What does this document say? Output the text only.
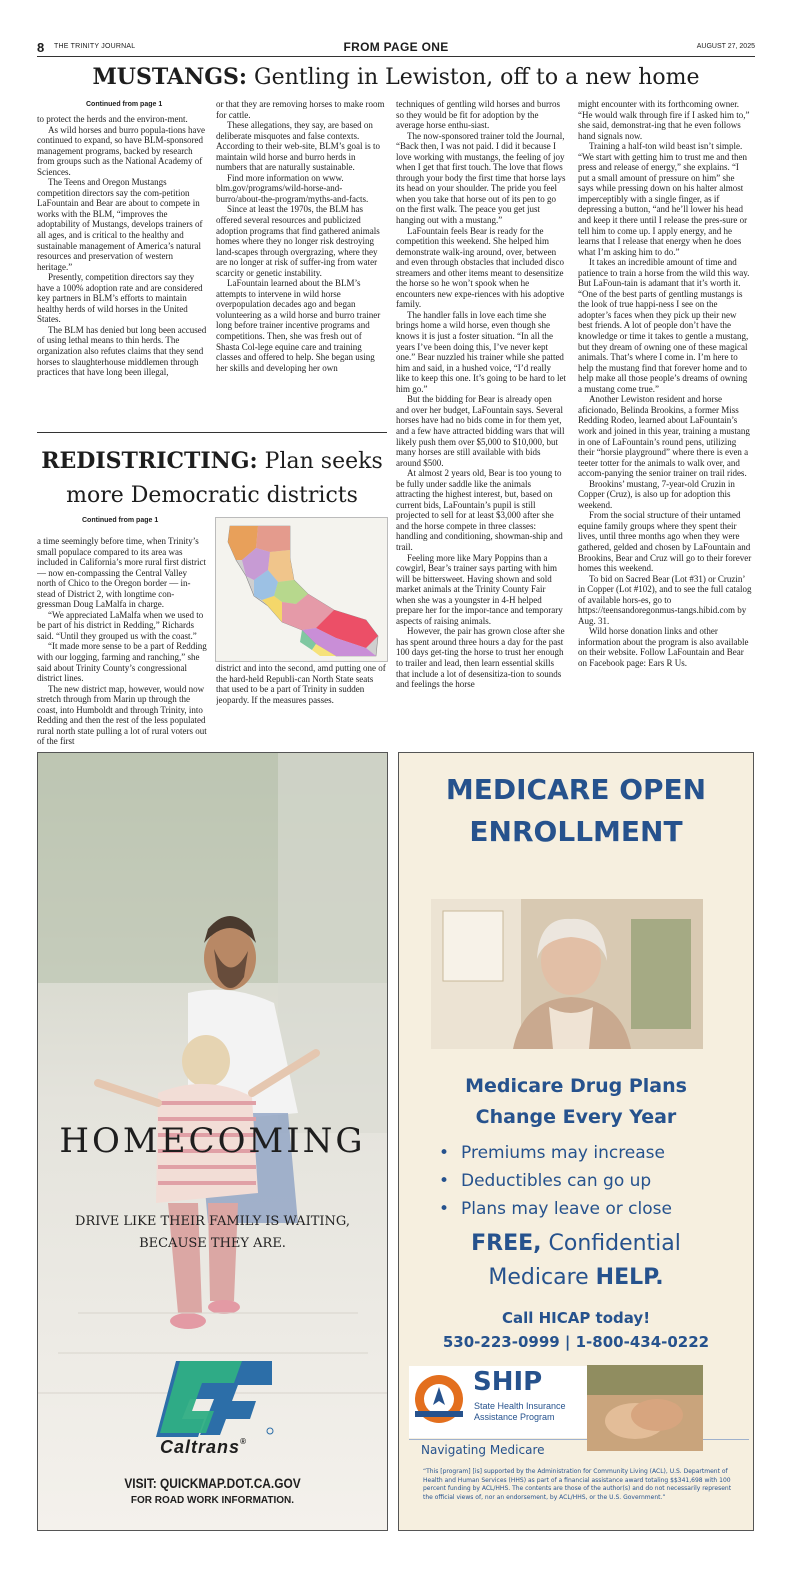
8 THE TRINITY JOURNAL	FROM PAGE ONE	AUGUST 27, 2025
MUSTANGS: Gentling in Lewiston, off to a new home
Continued from page 1

to protect the herds and the environ-ment.

As wild horses and burro popula-tions have continued to expand, so have BLM-sponsored management programs, backed by research from groups such as the National Academy of Sciences.

The Teens and Oregon Mustangs competition directors say the com-petition LaFountain and Bear are about to compete in works with the BLM, “improves the adoptability of Mustangs, develops trainers of all ages, and is critical to the healthy and sustainable management of America’s natural resources and preservation of western heritage.”

Presently, competition directors say they have a 100% adoption rate and are considered key partners in BLM’s efforts to maintain healthy herds of wild horses in the United States.

The BLM has denied but long been accused of using lethal means to thin herds. The organization also refutes claims that they send horses to slaughterhouse middlemen through practices that have long been illegal,

or that they are removing horses to make room for cattle.

These allegations, they say, are based on deliberate misquotes and false contexts. According to their web-site, BLM’s goal is to maintain wild horse and burro herds in numbers that are naturally sustainable.

Find more information on www. blm.gov/programs/wild-horse-and-burro/about-the-program/myths-and-facts.

Since at least the 1970s, the BLM has offered several resources and publicized adoption programs that find gathered animals homes where they no longer risk destroying land-scapes through overgrazing, where they are no longer at risk of suffer-ing from water scarcity or genetic instability.

LaFountain learned about the BLM’s attempts to intervene in wild horse overpopulation decades ago and began volunteering as a wild horse and burro trainer long before trainer incentive programs and competitions. Then, she was fresh out of Shasta Col-lege equine care and training classes and offered to help. She began using her skills and developing her own

techniques of gentling wild horses and burros so they would be fit for adoption by the average horse enthu-siast.

The now-sponsored trainer told the Journal, “Back then, I was not paid. I did it because I love working with mustangs, the feeling of joy when I get that first touch. The love that flows through your body the first time that horse lays its head on your shoulder. The pride you feel when you take that horse out of its pen to go on the first walk. The peace you get just hanging out with a mustang.”

LaFountain feels Bear is ready for the competition this weekend. She helped him demonstrate walk-ing around, over, between and even through obstacles that included disco streamers and other items meant to desensitize the horse so he won’t spook when he encounters new expe-riences with his adoptive family.

The handler falls in love each time she brings home a wild horse, even though she knows it is just a foster situation. “In all the years I’ve been doing this, I’ve never kept one.” Bear nuzzled his trainer while she patted him and said, in a hushed voice, “I’d really like to keep this one. It’s going to be hard to let him go.”

But the bidding for Bear is already open and over her budget, LaFountain says. Several horses have had no bids come in for them yet, and a few have attracted bidding wars that will likely push them over $5,000 to $10,000, but many horses are still available with bids around $500.

At almost 2 years old, Bear is too young to be fully under saddle like the animals attracting the highest interest, but, based on current bids, LaFountain’s pupil is still projected to sell for at least $3,000 after she and the horse compete in three classes: handling and conditioning, showman-ship and trail.

Feeling more like Mary Poppins than a cowgirl, Bear’s trainer says parting with him will be bittersweet. Having shown and sold market animals at the Trinity County Fair when she was a youngster in 4-H helped prepare her for the impor-tance and temporary aspects of raising animals.

However, the pair has grown close after she has spent around three hours a day for the past 100 days get-ting the horse to trust her enough to trailer and lead, then learn essential skills that include a lot of desensitiza-tion to sounds and feelings the horse

might encounter with its forthcoming owner. “He would walk through fire if I asked him to,” she said, demonstrat-ing that he even follows hand signals now.

Training a half-ton wild beast isn’t simple. “We start with getting him to trust me and then press and release of energy,” she explains. “I put a small amount of pressure on him” she says while pressing down on his halter almost imperceptibly with a single finger, as if depressing a button, “and he’ll lower his head and keep it there until I release the pres-sure or tell him to come up. I apply energy, and he learns that I release that energy when he does what I’m asking him to do.”

It takes an incredible amount of time and patience to train a horse from the wild this way. But LaFoun-tain is adamant that it’s worth it. “One of the best parts of gentling mustangs is the look of true happi-ness I see on the adopter’s faces when they pick up their new best friends. A lot of people don’t have the knowledge or time it takes to gentle a mustang, but they dream of owning one of these magical animals. That’s where I come in. I’m here to help the mustang find that forever home and to help make all those people’s dreams of owning a mustang come true.”

Another Lewiston resident and horse aficionado, Belinda Brookins, a former Miss Redding Rodeo, learned about LaFountain’s work and joined in this year, training a mustang in one of LaFountain’s round pens, utilizing their “horsie playground” where there is even a teeter totter for the animals to walk over, and accom-panying the senior trainer on trail rides.

Brookins’ mustang, 7-year-old Cruzin in Copper (Cruz), is also up for adoption this weekend.

From the social structure of their untamed equine family groups where they spent their lives, until three months ago when they were gathered, gelded and chosen by LaFountain and Brookins, Bear and Cruz will go to their forever homes this weekend.

To bid on Sacred Bear (Lot #31) or Cruzin’ in Copper (Lot #102), and to see the full catalog of available hors-es, go to https://teensandoregonmus-tangs.hibid.com by Aug. 31.

Wild horse donation links and other information about the program is also available on their website. Follow LaFountain and Bear on Facebook page: Ears R Us.

REDISTRICTING: Plan seeks
more Democratic districts
Continued from page 1

a time seemingly before time, when Trinity’s small populace compared to its area was included in California’s more rural first district — now en-compassing the Central Valley north of Chico to the Oregon border — in-stead of District 2, with longtime con-gressman Doug LaMalfa in charge.

“We appreciated LaMalfa when we used to be part of his district in Redding,” Richards said. “Until they grouped us with the coast.”

“It made more sense to be a part of Redding with our logging, farming and ranching,” she said about Trinity County’s congressional district lines.

The new district map, however, would now stretch through from Marin up through the coast, into Humboldt and through Trinity, into Redding and then the rest of the less populated rural north state pulling a lot of rural voters out of the first

district and into the second, amd putting one of the hard-held Republi-can North State seats that used to be a part of Trinity in sudden jeopardy. If the measures passes.

HOMECOMING
DRIVE LIKE THEIR FAMILY IS WAITING,
BECAUSE THEY ARE.
Caltrans®
VISIT: QUICKMAP.DOT.CA.GOV
FOR ROAD WORK INFORMATION.
MEDICARE OPEN
ENROLLMENT
Medicare Drug Plans
Change Every Year
• Premiums may increase
• Deductibles can go up
• Plans may leave or close
FREE, Confidential
Medicare HELP.
Call HICAP today!
530-223-0999 | 1-800-434-0222
SHIP
State Health Insurance
Assistance Program
Navigating Medicare
“This [program] [is] supported by the Administration for Community Living (ACL), U.S. Department of Health and Human Services (HHS) as part of a financial assistance award totaling $$341,698 with 100 percent funding by ACL/HHS. The contents are those of the author(s) and do not necessarily represent the official views of, nor an endorsement, by ACL/HHS, or the U.S. Government.”
